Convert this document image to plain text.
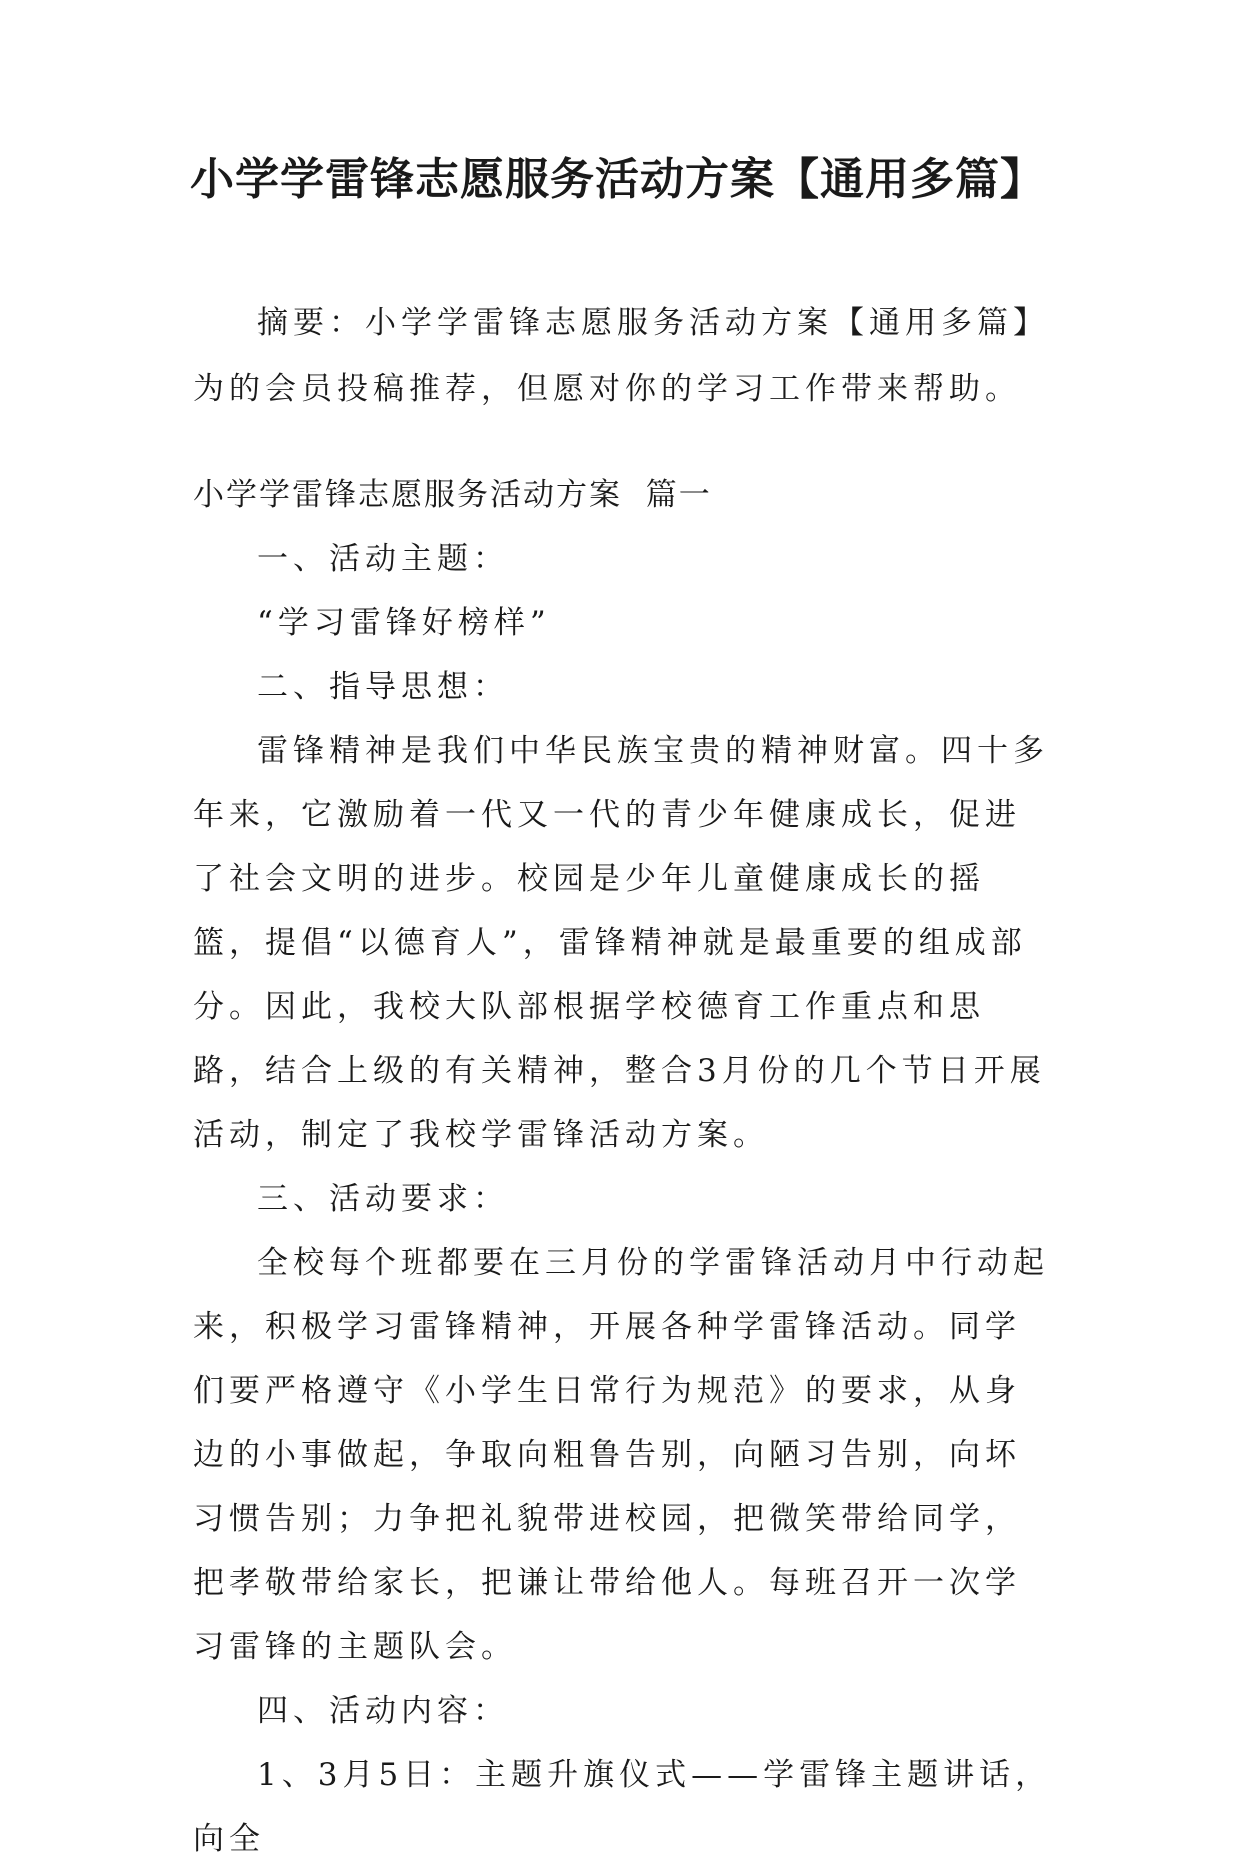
小学学雷锋志愿服务活动方案【通用多篇】
摘要：小学学雷锋志愿服务活动方案【通用多篇】为的会员投稿推荐，但愿对你的学习工作带来帮助。
小学学雷锋志愿服务活动方案  篇一

一、活动主题：

“学习雷锋好榜样”

二、指导思想：

雷锋精神是我们中华民族宝贵的精神财富。四十多年来，它激励着一代又一代的青少年健康成长，促进了社会文明的进步。校园是少年儿童健康成长的摇篮，提倡“以德育人”，雷锋精神就是最重要的组成部分。因此，我校大队部根据学校德育工作重点和思路，结合上级的有关精神，整合3月份的几个节日开展活动，制定了我校学雷锋活动方案。

三、活动要求：

全校每个班都要在三月份的学雷锋活动月中行动起来，积极学习雷锋精神，开展各种学雷锋活动。同学们要严格遵守《小学生日常行为规范》的要求，从身边的小事做起，争取向粗鲁告别，向陋习告别，向坏习惯告别；力争把礼貌带进校园，把微笑带给同学，把孝敬带给家长，把谦让带给他人。每班召开一次学习雷锋的主题队会。

四、活动内容：

1、3月5日：主题升旗仪式——学雷锋主题讲话，向全
